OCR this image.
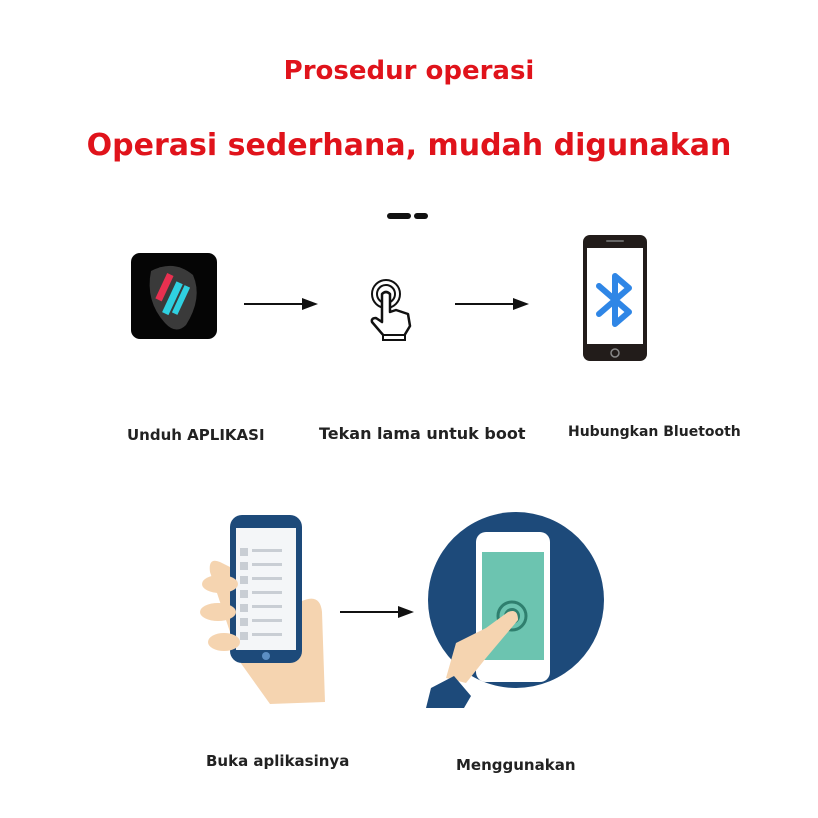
Prosedur operasi
Operasi sederhana, mudah digunakan
Unduh APLIKASI	Tekan lama untuk boot	Hubungkan Bluetooth
Buka aplikasinya	Menggunakan
